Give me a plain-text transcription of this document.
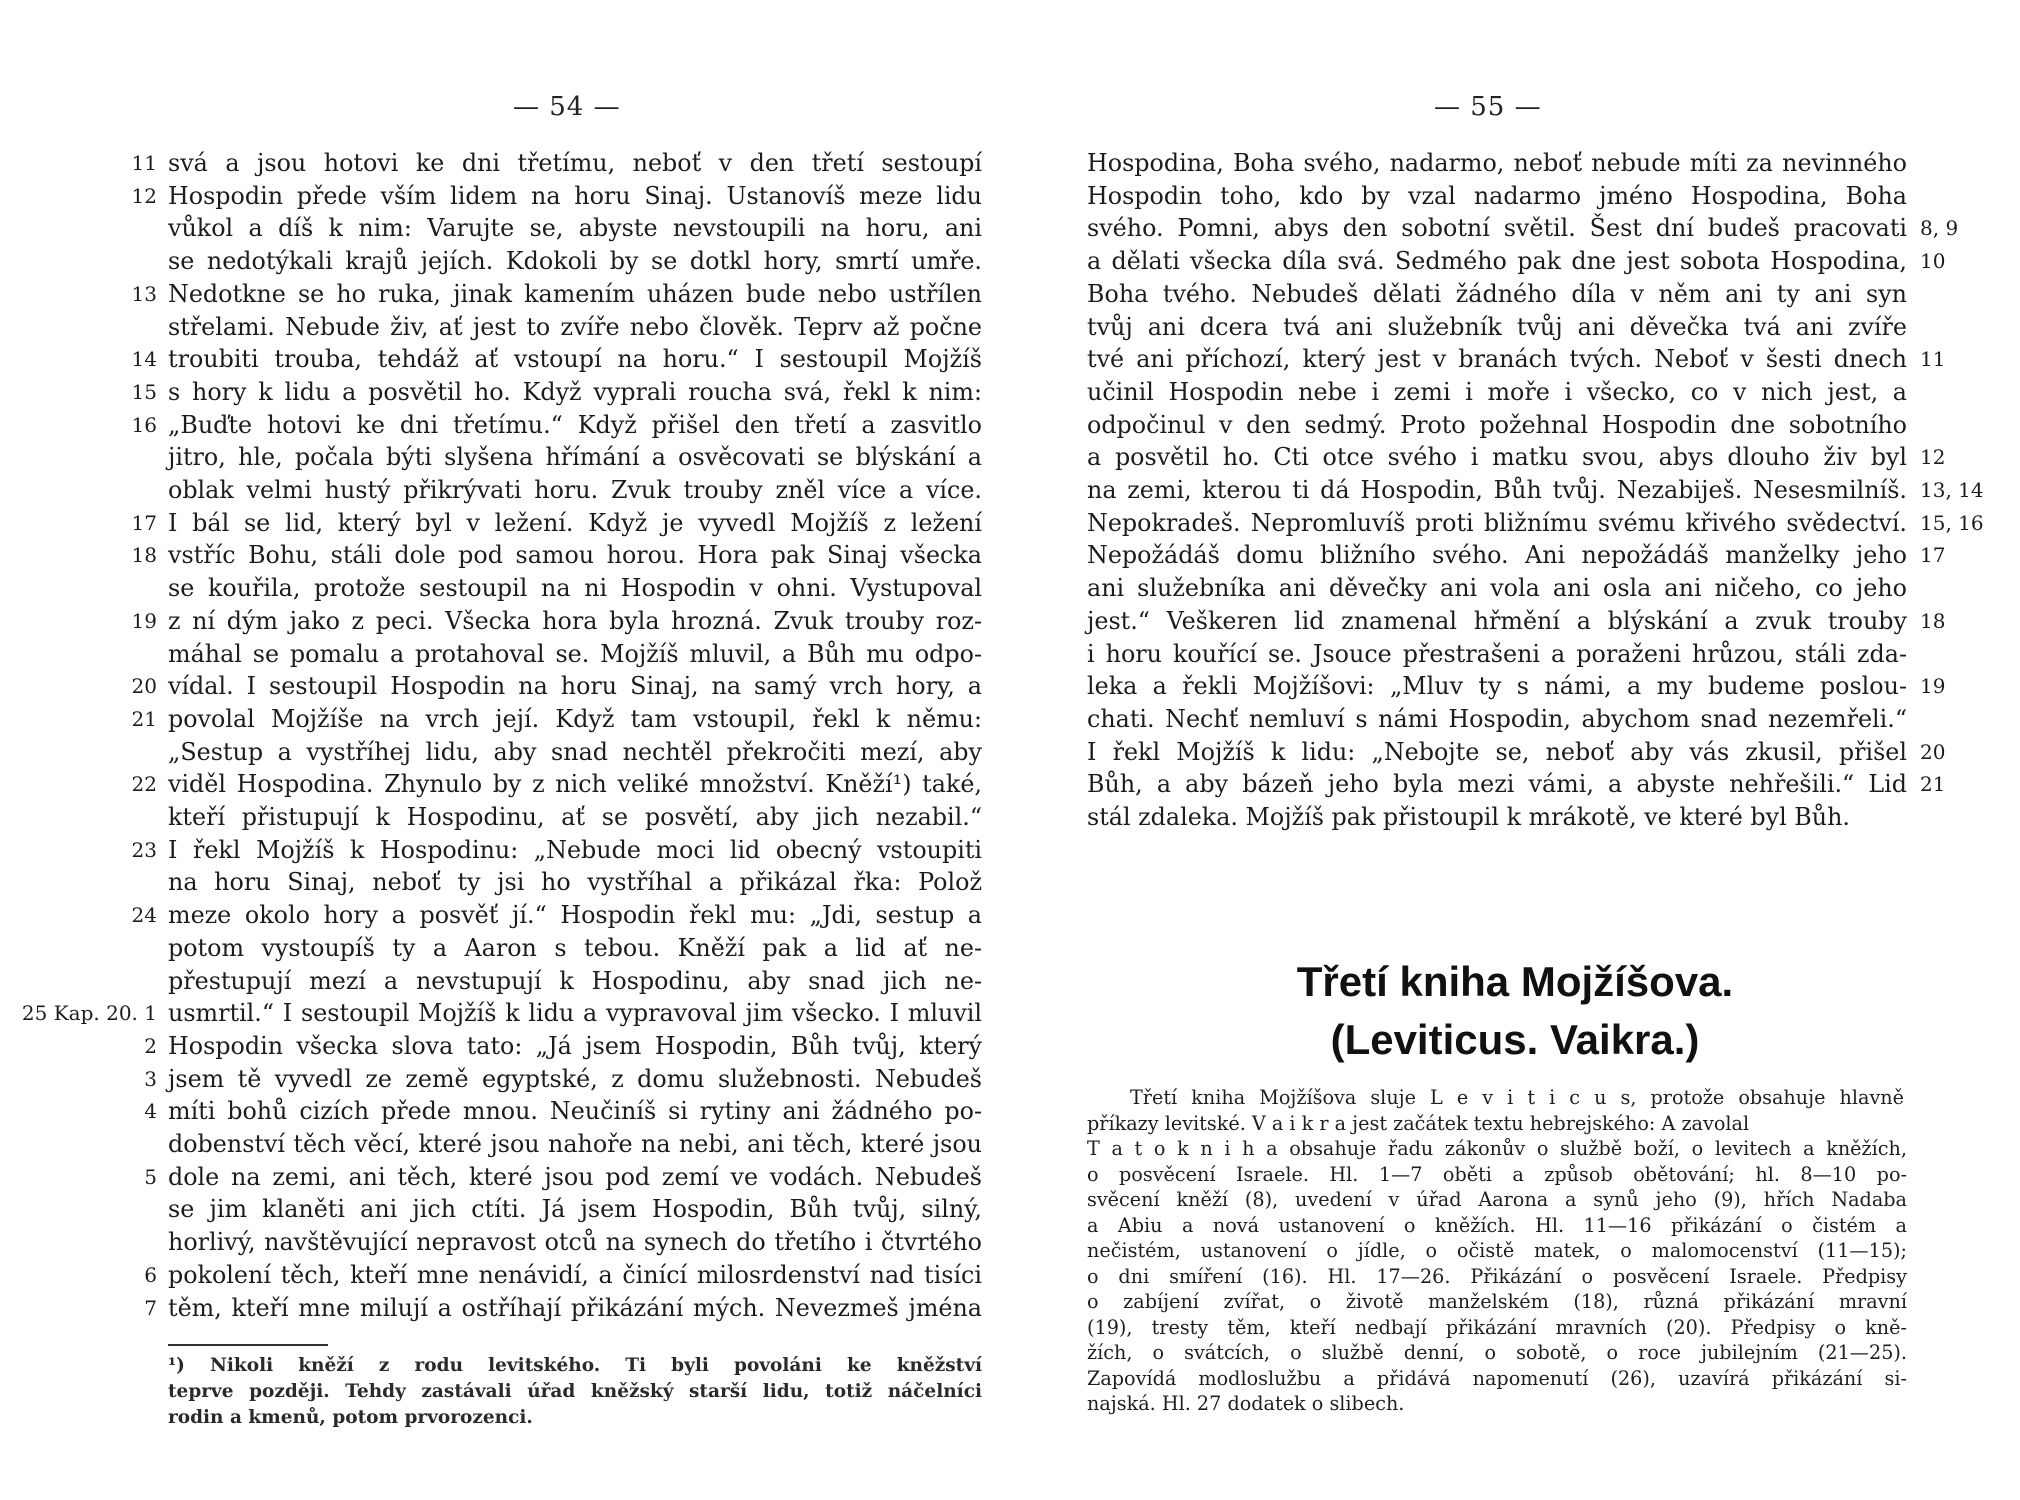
— 54 —	— 55 —
svá a jsou hotovi ke dni třetímu, neboť v den třetí sestoupí
Hospodin přede vším lidem na horu Sinaj. Ustanovíš meze lidu
vůkol a díš k nim: Varujte se, abyste nevstoupili na horu, ani
se nedotýkali krajů jejích. Kdokoli by se dotkl hory, smrtí umře.
Nedotkne se ho ruka, jinak kamením uházen bude nebo ustřílen
střelami. Nebude živ, ať jest to zvíře nebo člověk. Teprv až počne
troubiti trouba, tehdáž ať vstoupí na horu.“ I sestoupil Mojžíš
s hory k lidu a posvětil ho. Když vyprali roucha svá, řekl k nim:
„Buďte hotovi ke dni třetímu.“ Když přišel den třetí a zasvitlo
jitro, hle, počala býti slyšena hřímání a osvěcovati se blýskání a
oblak velmi hustý přikrývati horu. Zvuk trouby zněl více a více.
I bál se lid, který byl v ležení. Když je vyvedl Mojžíš z ležení
vstříc Bohu, stáli dole pod samou horou. Hora pak Sinaj všecka
se kouřila, protože sestoupil na ni Hospodin v ohni. Vystupoval
z ní dým jako z peci. Všecka hora byla hrozná. Zvuk trouby roz-
máhal se pomalu a protahoval se. Mojžíš mluvil, a Bůh mu odpo-
vídal. I sestoupil Hospodin na horu Sinaj, na samý vrch hory, a
povolal Mojžíše na vrch její. Když tam vstoupil, řekl k němu:
„Sestup a vystříhej lidu, aby snad nechtěl překročiti mezí, aby
viděl Hospodina. Zhynulo by z nich veliké množství. Kněží¹) také,
kteří přistupují k Hospodinu, ať se posvětí, aby jich nezabil.“
I řekl Mojžíš k Hospodinu: „Nebude moci lid obecný vstoupiti
na horu Sinaj, neboť ty jsi ho vystříhal a přikázal řka: Polož
meze okolo hory a posvěť jí.“ Hospodin řekl mu: „Jdi, sestup a
potom vystoupíš ty a Aaron s tebou. Kněží pak a lid ať ne-
přestupují mezí a nevstupují k Hospodinu, aby snad jich ne-
usmrtil.“ I sestoupil Mojžíš k lidu a vypravoval jim všecko. I mluvil
Hospodin všecka slova tato: „Já jsem Hospodin, Bůh tvůj, který
jsem tě vyvedl ze země egyptské, z domu služebnosti. Nebudeš
míti bohů cizích přede mnou. Neučiníš si rytiny ani žádného po-
dobenství těch věcí, které jsou nahoře na nebi, ani těch, které jsou
dole na zemi, ani těch, které jsou pod zemí ve vodách. Nebudeš
se jim klaněti ani jich ctíti. Já jsem Hospodin, Bůh tvůj, silný,
horlivý, navštěvující nepravost otců na synech do třetího i čtvrtého
pokolení těch, kteří mne nenávidí, a činící milosrdenství nad tisíci
těm, kteří mne milují a ostříhají přikázání mých. Nevezmeš jména
11
12
13
14
15
16
17
18
19
20
21
22
23
24
25 Kap. 20. 1
2
3
4
5
6
7
¹) Nikoli kněží z rodu levitského. Ti byli povoláni ke kněžství
teprve později. Tehdy zastávali úřad kněžský starší lidu, totiž náčelníci
rodin a kmenů, potom prvorozenci.
Hospodina, Boha svého, nadarmo, neboť nebude míti za nevinného
Hospodin toho, kdo by vzal nadarmo jméno Hospodina, Boha
svého. Pomni, abys den sobotní světil. Šest dní budeš pracovati
a dělati všecka díla svá. Sedmého pak dne jest sobota Hospodina,
Boha tvého. Nebudeš dělati žádného díla v něm ani ty ani syn
tvůj ani dcera tvá ani služebník tvůj ani děvečka tvá ani zvíře
tvé ani příchozí, který jest v branách tvých. Neboť v šesti dnech
učinil Hospodin nebe i zemi i moře i všecko, co v nich jest, a
odpočinul v den sedmý. Proto požehnal Hospodin dne sobotního
a posvětil ho. Cti otce svého i matku svou, abys dlouho živ byl
na zemi, kterou ti dá Hospodin, Bůh tvůj. Nezabiješ. Nesesmilníš.
Nepokradeš. Nepromluvíš proti bližnímu svému křivého svědectví.
Nepožádáš domu bližního svého. Ani nepožádáš manželky jeho
ani služebníka ani děvečky ani vola ani osla ani ničeho, co jeho
jest.“ Veškeren lid znamenal hřmění a blýskání a zvuk trouby
i horu kouřící se. Jsouce přestrašeni a poraženi hrůzou, stáli zda-
leka a řekli Mojžíšovi: „Mluv ty s námi, a my budeme poslou-
chati. Nechť nemluví s námi Hospodin, abychom snad nezemřeli.“
I řekl Mojžíš k lidu: „Nebojte se, neboť aby vás zkusil, přišel
Bůh, a aby bázeň jeho byla mezi vámi, a abyste nehřešili.“ Lid
stál zdaleka. Mojžíš pak přistoupil k mrákotě, ve které byl Bůh.
8, 9
10
11
12
13, 14
15, 16
17
18
19
20
21
Třetí kniha Mojžíšova.
(Leviticus. Vaikra.)
Třetí kniha Mojžíšova sluje L e v i t i c u s, protože obsahuje hlavně
příkazy levitské. V a i k r a jest začátek textu hebrejského: A zavolal
T a t o k n i h a obsahuje řadu zákonův o službě boží, o levitech a kněžích,
o posvěcení Israele. Hl. 1—7 oběti a způsob obětování; hl. 8—10 po-
svěcení kněží (8), uvedení v úřad Aarona a synů jeho (9), hřích Nadaba
a Abiu a nová ustanovení o kněžích. Hl. 11—16 přikázání o čistém a
nečistém, ustanovení o jídle, o očistě matek, o malomocenství (11—15);
o dni smíření (16). Hl. 17—26. Přikázání o posvěcení Israele. Předpisy
o zabíjení zvířat, o životě manželském (18), různá přikázání mravní
(19), tresty těm, kteří nedbají přikázání mravních (20). Předpisy o kně-
žích, o svátcích, o službě denní, o sobotě, o roce jubilejním (21—25).
Zapovídá modloslužbu a přidává napomenutí (26), uzavírá přikázání si-
najská. Hl. 27 dodatek o slibech.
